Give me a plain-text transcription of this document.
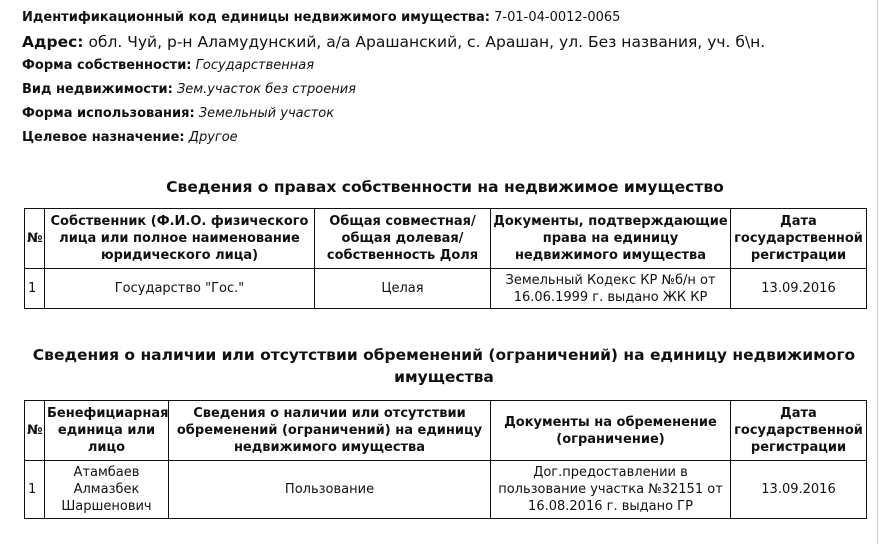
Идентификационный код единицы недвижимого имущества: 7-01-04-0012-0065
Адрес: обл. Чуй, р-н Аламудунский, а/а Арашанский, с. Арашан, ул. Без названия, уч. б\н.
Форма собственности: Государственная
Вид недвижимости: Зем.участок без строения
Форма использования: Земельный участок
Целевое назначение: Другое
Сведения о правах собственности на недвижимое имущество
№	Собственник (Ф.И.О. физического лица или полное наименование юридического лица)	Общая совместная/ общая долевая/ собственность Доля	Документы, подтверждающие права на единицу недвижимого имущества	Дата государственной регистрации
1	Государство "Гос."	Целая	Земельный Кодекс КР №б/н от 16.06.1999 г. выдано ЖК КР	13.09.2016
Сведения о наличии или отсутствии обременений (ограничений) на единицу недвижимого имущества
№	Бенефициарная единица или лицо	Сведения о наличии или отсутствии обременений (ограничений) на единицу недвижимого имущества	Документы на обременение (ограничение)	Дата государственной регистрации
1	Атамбаев Алмазбек Шаршенович	Пользование	Дог.предоставлении в пользование участка №32151 от 16.08.2016 г. выдано ГР	13.09.2016
